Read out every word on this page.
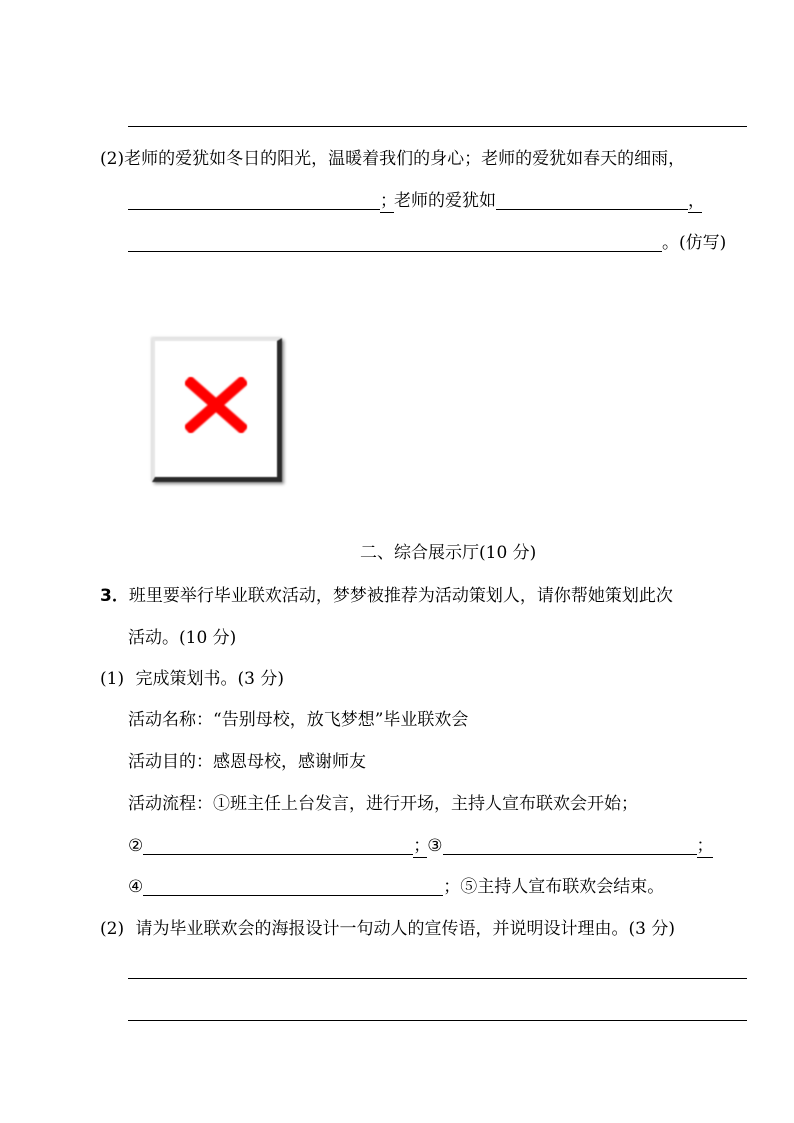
(2)老师的爱犹如冬日的阳光，温暖着我们的身心；老师的爱犹如春天的细雨，
；老师的爱犹如	，
。(仿写)
二、综合展示厅(10 分)
3．班里要举行毕业联欢活动，梦梦被推荐为活动策划人，请你帮她策划此次
活动。(10 分)
(1) 完成策划书。(3 分)
活动名称：“告别母校，放飞梦想”毕业联欢会
活动目的：感恩母校，感谢师友
活动流程：①班主任上台发言，进行开场，主持人宣布联欢会开始；
②	；③	；
④	；⑤主持人宣布联欢会结束。
(2) 请为毕业联欢会的海报设计一句动人的宣传语，并说明设计理由。(3 分)
